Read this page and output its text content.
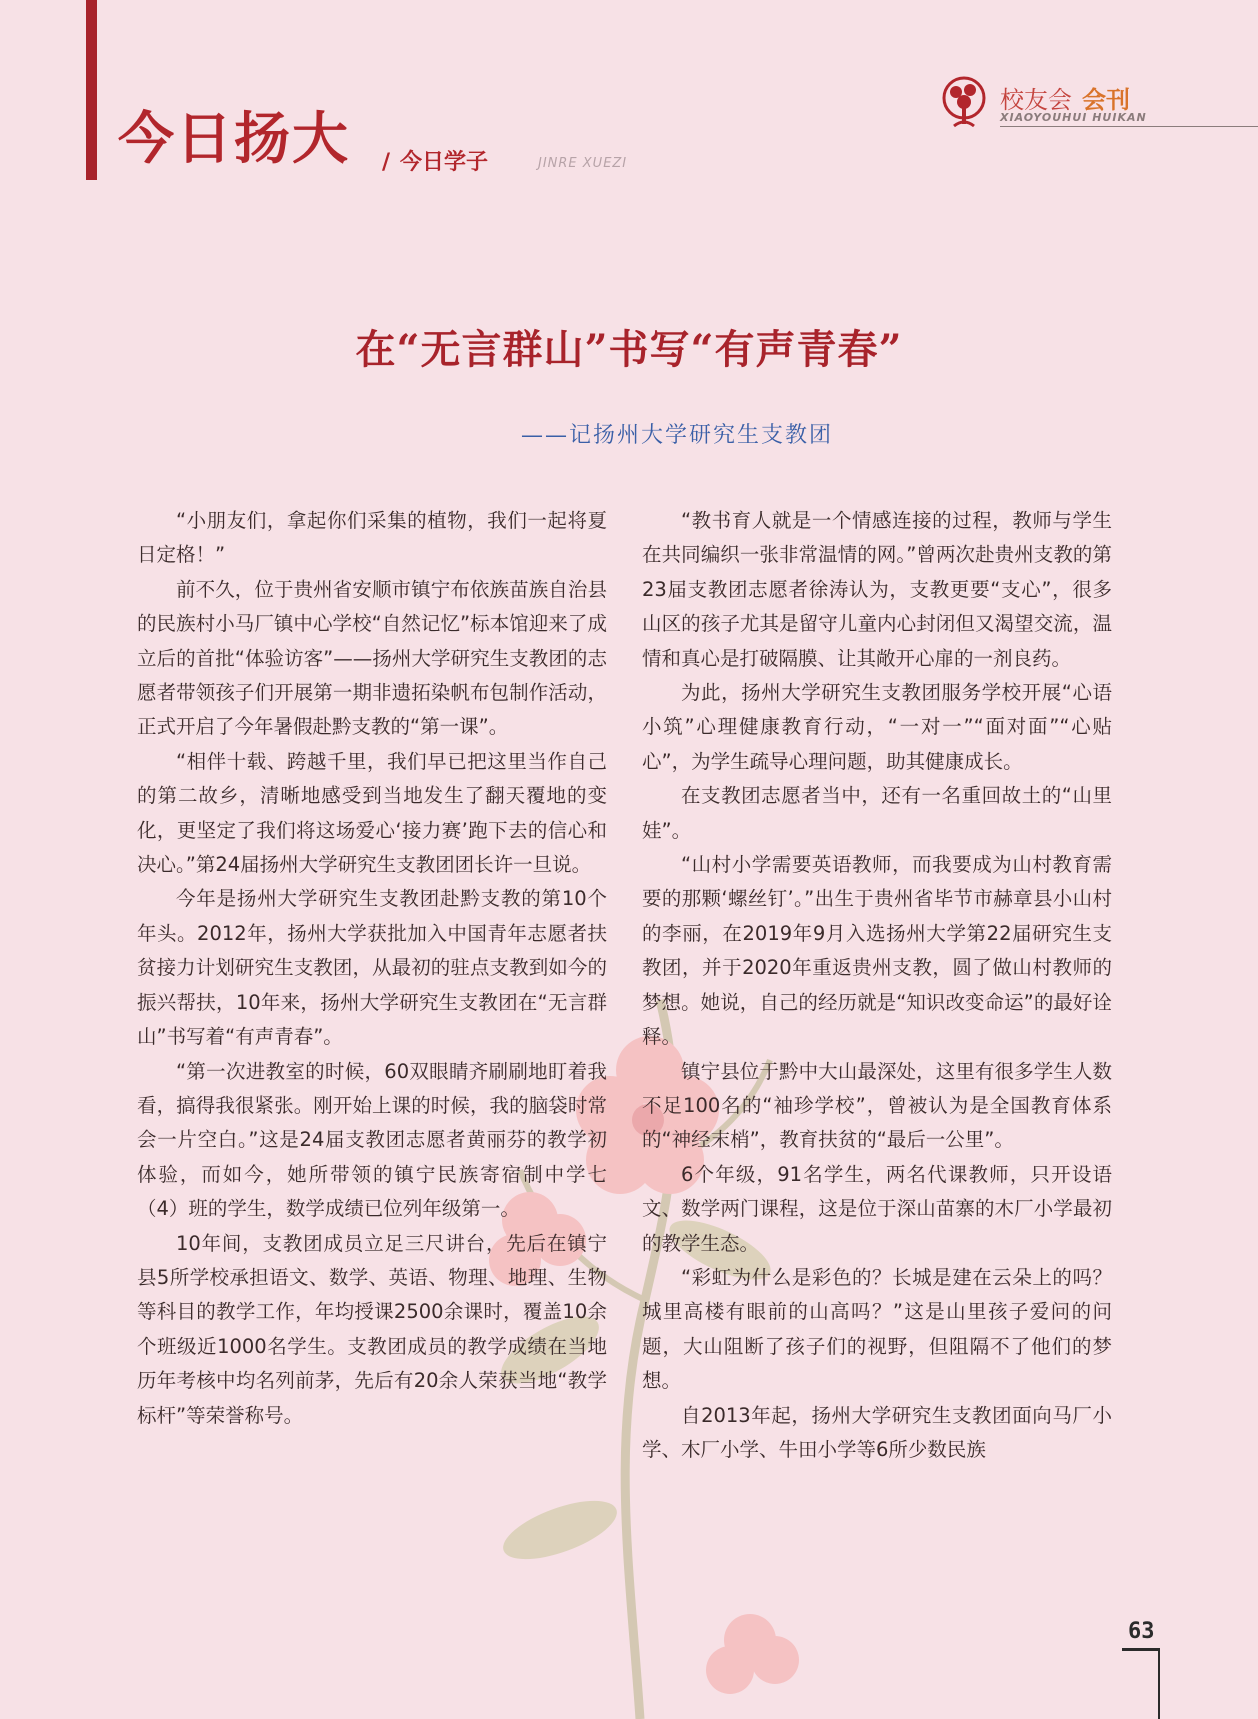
今日扬大 / 今日学子	JINRE XUEZI
校友会 会刊
XIAOYOUHUI HUIKAN
在“无言群山”书写“有声青春”
——记扬州大学研究生支教团

“小朋友们，拿起你们采集的植物，我们一起将夏日定格！”

前不久，位于贵州省安顺市镇宁布依族苗族自治县的民族村小马厂镇中心学校“自然记忆”标本馆迎来了成立后的首批“体验访客”——扬州大学研究生支教团的志愿者带领孩子们开展第一期非遗拓染帆布包制作活动，正式开启了今年暑假赴黔支教的“第一课”。

“相伴十载、跨越千里，我们早已把这里当作自己的第二故乡，清晰地感受到当地发生了翻天覆地的变化，更坚定了我们将这场爱心‘接力赛’跑下去的信心和决心。”第24届扬州大学研究生支教团团长许一旦说。

今年是扬州大学研究生支教团赴黔支教的第10个年头。2012年，扬州大学获批加入中国青年志愿者扶贫接力计划研究生支教团，从最初的驻点支教到如今的振兴帮扶，10年来，扬州大学研究生支教团在“无言群山”书写着“有声青春”。

“第一次进教室的时候，60双眼睛齐刷刷地盯着我看，搞得我很紧张。刚开始上课的时候，我的脑袋时常会一片空白。”这是24届支教团志愿者黄丽芬的教学初体验，而如今，她所带领的镇宁民族寄宿制中学七（4）班的学生，数学成绩已位列年级第一。

10年间，支教团成员立足三尺讲台，先后在镇宁县5所学校承担语文、数学、英语、物理、地理、生物等科目的教学工作，年均授课2500余课时，覆盖10余个班级近1000名学生。支教团成员的教学成绩在当地历年考核中均名列前茅，先后有20余人荣获当地“教学标杆”等荣誉称号。

“教书育人就是一个情感连接的过程，教师与学生在共同编织一张非常温情的网。”曾两次赴贵州支教的第23届支教团志愿者徐涛认为，支教更要“支心”，很多山区的孩子尤其是留守儿童内心封闭但又渴望交流，温情和真心是打破隔膜、让其敞开心扉的一剂良药。

为此，扬州大学研究生支教团服务学校开展“心语小筑”心理健康教育行动，“一对一”“面对面”“心贴心”，为学生疏导心理问题，助其健康成长。

在支教团志愿者当中，还有一名重回故土的“山里娃”。

“山村小学需要英语教师，而我要成为山村教育需要的那颗‘螺丝钉’。”出生于贵州省毕节市赫章县小山村的李丽，在2019年9月入选扬州大学第22届研究生支教团，并于2020年重返贵州支教，圆了做山村教师的梦想。她说，自己的经历就是“知识改变命运”的最好诠释。

镇宁县位于黔中大山最深处，这里有很多学生人数不足100名的“袖珍学校”，曾被认为是全国教育体系的“神经末梢”，教育扶贫的“最后一公里”。

6个年级，91名学生，两名代课教师，只开设语文、数学两门课程，这是位于深山苗寨的木厂小学最初的教学生态。

“彩虹为什么是彩色的？长城是建在云朵上的吗？城里高楼有眼前的山高吗？”这是山里孩子爱问的问题，大山阻断了孩子们的视野，但阻隔不了他们的梦想。

自2013年起，扬州大学研究生支教团面向马厂小学、木厂小学、牛田小学等6所少数民族

63
